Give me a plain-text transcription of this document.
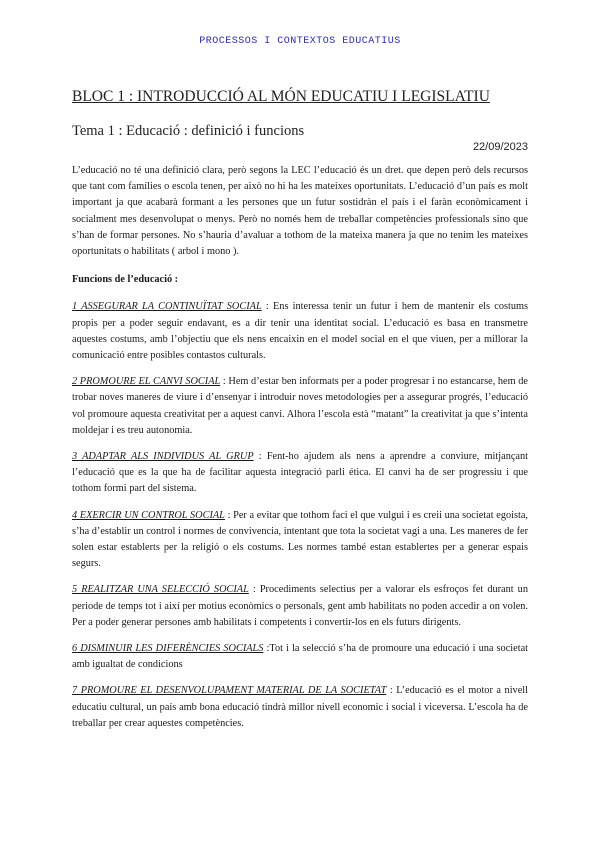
PROCESSOS I CONTEXTOS EDUCATIUS
BLOC 1 : INTRODUCCIÓ AL MÓN EDUCATIU I LEGISLATIU
Tema 1 : Educació : definició i funcions
22/09/2023

L’educació no té una definició clara, però segons la LEC l’educació és un dret. que depen però dels recursos que tant com famílies o escola tenen, per això no hi ha les mateixes oportunitats. L’educació d’un país es molt important ja que acabarà formant a les persones que un futur sostidràn el país i el faràn econòmicament i socialment mes desenvolupat o menys. Però no només hem de treballar competències professionals sino que s’han de formar persones. No s’hauria d’avaluar a tothom de la mateixa manera ja que no tenim les mateixes oportunitats o habilitats ( arbol i mono ).

Funcions de l’educació :

1 ASSEGURAR LA CONTINUÏTAT SOCIAL : Ens interessa tenir un futur i hem de mantenir els costums propis per a poder seguir endavant, es a dir tenir una identitat social. L’educació es basa en transmetre aquestes costums, amb l’objectiu que els nens encaixin en el model social en el que viuen, per a millorar la comunicació entre posibles contastos culturals.

2 PROMOURE EL CANVI SOCIAL : Hem d’estar ben informats per a poder progresar i no estancarse, hem de trobar noves maneres de viure i d’ensenyar i introduir noves metodologies per a assegurar progrés, l’educació vol promoure aquesta creativitat per a aquest canvi. Alhora l’escola està “matant” la creativitat ja que s’intenta moldejar i es treu autonomia.

3 ADAPTAR ALS INDIVIDUS AL GRUP : Fent-ho ajudem als nens a aprendre a conviure, mitjançant l’educació que es la que ha de facilitar aquesta integració parli ética. El canvi ha de ser progressiu i que tothom formi part del sistema.

4 EXERCIR UN CONTROL SOCIAL : Per a evitar que tothom faci el que vulgui i es creii una societat egoista, s’ha d’establir un control i normes de convivencia, intentant que tota la societat vagi a una. Les maneres de fer solen estar establerts per la religió o els costums. Les normes també estan establertes per a generar espais segurs.

5 REALITZAR UNA SELECCIÓ SOCIAL : Procediments selectius per a valorar els esfroços fet durant un periode de temps tot i així per motius econòmics o personals, gent amb habilitats no poden accedir a on volen. Per a poder generar persones amb habilitats i competents i convertir-los en els futurs dirigents.

6 DISMINUIR LES DIFERÈNCIES SOCIALS :Tot i la selecció s’ha de promoure una educació i una societat amb igualtat de condicions

7 PROMOURE EL DESENVOLUPAMENT MATERIAL DE LA SOCIETAT : L’educació es el motor a nivell educatiu cultural, un país amb bona educació tindrà millor nivell economic i social i viceversa. L’escola ha de treballar per crear aquestes competències.
